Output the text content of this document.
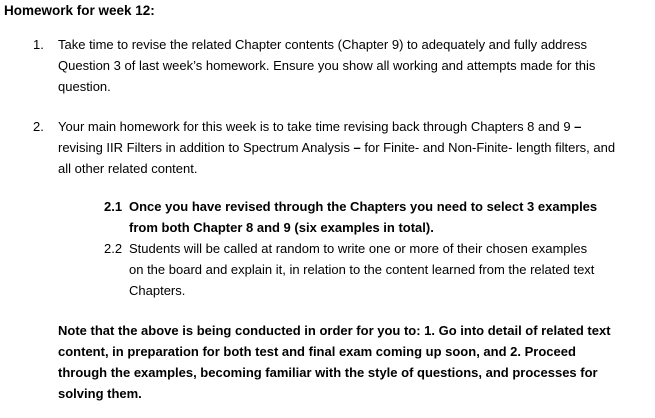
Homework for week 12:
1. Take time to revise the related Chapter contents (Chapter 9) to adequately and fully address Question 3 of last week’s homework. Ensure you show all working and attempts made for this question.
2. Your main homework for this week is to take time revising back through Chapters 8 and 9 – revising IIR Filters in addition to Spectrum Analysis – for Finite- and Non-Finite- length filters, and all other related content.
2.1 Once you have revised through the Chapters you need to select 3 examples from both Chapter 8 and 9 (six examples in total).
2.2 Students will be called at random to write one or more of their chosen examples on the board and explain it, in relation to the content learned from the related text Chapters.
Note that the above is being conducted in order for you to: 1. Go into detail of related text content, in preparation for both test and final exam coming up soon, and 2. Proceed through the examples, becoming familiar with the style of questions, and processes for solving them.
